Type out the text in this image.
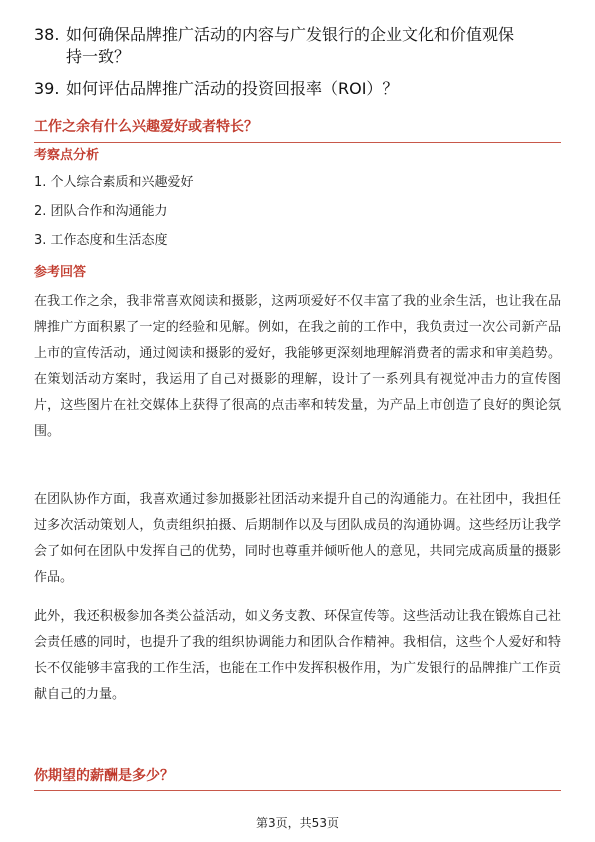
38. 如何确保品牌推广活动的内容与广发银行的企业文化和价值观保
持一致？
39. 如何评估品牌推广活动的投资回报率（ROI）？
工作之余有什么兴趣爱好或者特长？
考察点分析
1. 个人综合素质和兴趣爱好
2. 团队合作和沟通能力
3. 工作态度和生活态度
参考回答
在我工作之余，我非常喜欢阅读和摄影，这两项爱好不仅丰富了我的业余生活，也让我在品牌推广方面积累了一定的经验和见解。例如，在我之前的工作中，我负责过一次公司新产品上市的宣传活动，通过阅读和摄影的爱好，我能够更深刻地理解消费者的需求和审美趋势。在策划活动方案时，我运用了自己对摄影的理解，设计了一系列具有视觉冲击力的宣传图片，这些图片在社交媒体上获得了很高的点击率和转发量，为产品上市创造了良好的舆论氛围。
在团队协作方面，我喜欢通过参加摄影社团活动来提升自己的沟通能力。在社团中，我担任过多次活动策划人，负责组织拍摄、后期制作以及与团队成员的沟通协调。这些经历让我学会了如何在团队中发挥自己的优势，同时也尊重并倾听他人的意见，共同完成高质量的摄影作品。
此外，我还积极参加各类公益活动，如义务支教、环保宣传等。这些活动让我在锻炼自己社会责任感的同时，也提升了我的组织协调能力和团队合作精神。我相信，这些个人爱好和特长不仅能够丰富我的工作生活，也能在工作中发挥积极作用，为广发银行的品牌推广工作贡献自己的力量。
你期望的薪酬是多少？
第3页，共53页
